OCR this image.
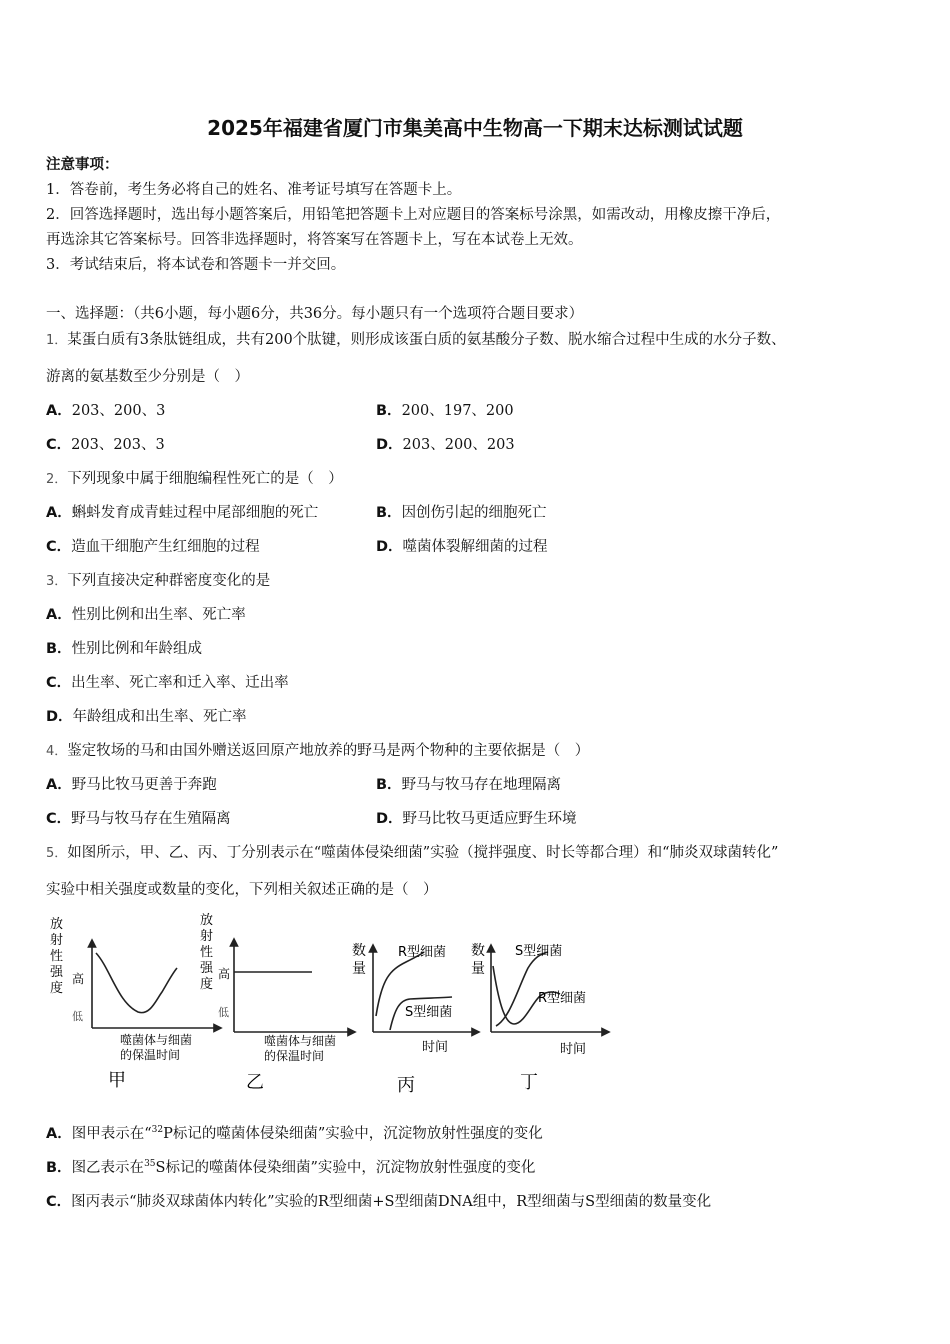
2025年福建省厦门市集美高中生物高一下期末达标测试试题
注意事项：
1．答卷前，考生务必将自己的姓名、准考证号填写在答题卡上。
2．回答选择题时，选出每小题答案后，用铅笔把答题卡上对应题目的答案标号涂黑，如需改动，用橡皮擦干净后，
再选涂其它答案标号。回答非选择题时，将答案写在答题卡上，写在本试卷上无效。
3．考试结束后，将本试卷和答题卡一并交回。
一、选择题：（共6小题，每小题6分，共36分。每小题只有一个选项符合题目要求）
1．某蛋白质有3条肽链组成，共有200个肽键，则形成该蛋白质的氨基酸分子数、脱水缩合过程中生成的水分子数、
游离的氨基数至少分别是（　）
A．203、200、3	B．200、197、200
C．203、203、3	D．203、200、203
2．下列现象中属于细胞编程性死亡的是（　）
A．蝌蚪发育成青蛙过程中尾部细胞的死亡	B．因创伤引起的细胞死亡
C．造血干细胞产生红细胞的过程	D．噬菌体裂解细菌的过程
3．下列直接决定种群密度变化的是
A．性别比例和出生率、死亡率
B．性别比例和年龄组成
C．出生率、死亡率和迁入率、迁出率
D．年龄组成和出生率、死亡率
4．鉴定牧场的马和由国外赠送返回原产地放养的野马是两个物种的主要依据是（　）
A．野马比牧马更善于奔跑	B．野马与牧马存在地理隔离
C．野马与牧马存在生殖隔离	D．野马比牧马更适应野生环境
5．如图所示，甲、乙、丙、丁分别表示在“噬菌体侵染细菌”实验（搅拌强度、时长等都合理）和“肺炎双球菌转化”
实验中相关强度或数量的变化，下列相关叙述正确的是（　）
放
射
性
强
度
高
低
噬菌体与细菌
的保温时间
甲
放
射
性
强
度
高
低
噬菌体与细菌
的保温时间
乙
数
量
R型细菌
S型细菌
时间
丙
数
量
S型细菌
R型细菌
时间
丁
A．图甲表示在“$^{32}$P标记的噬菌体侵染细菌”实验中，沉淀物放射性强度的变化
B．图乙表示在$^{35}$S标记的噬菌体侵染细菌”实验中，沉淀物放射性强度的变化
C．图丙表示“肺炎双球菌体内转化”实验的R型细菌+S型细菌DNA组中，R型细菌与S型细菌的数量变化
